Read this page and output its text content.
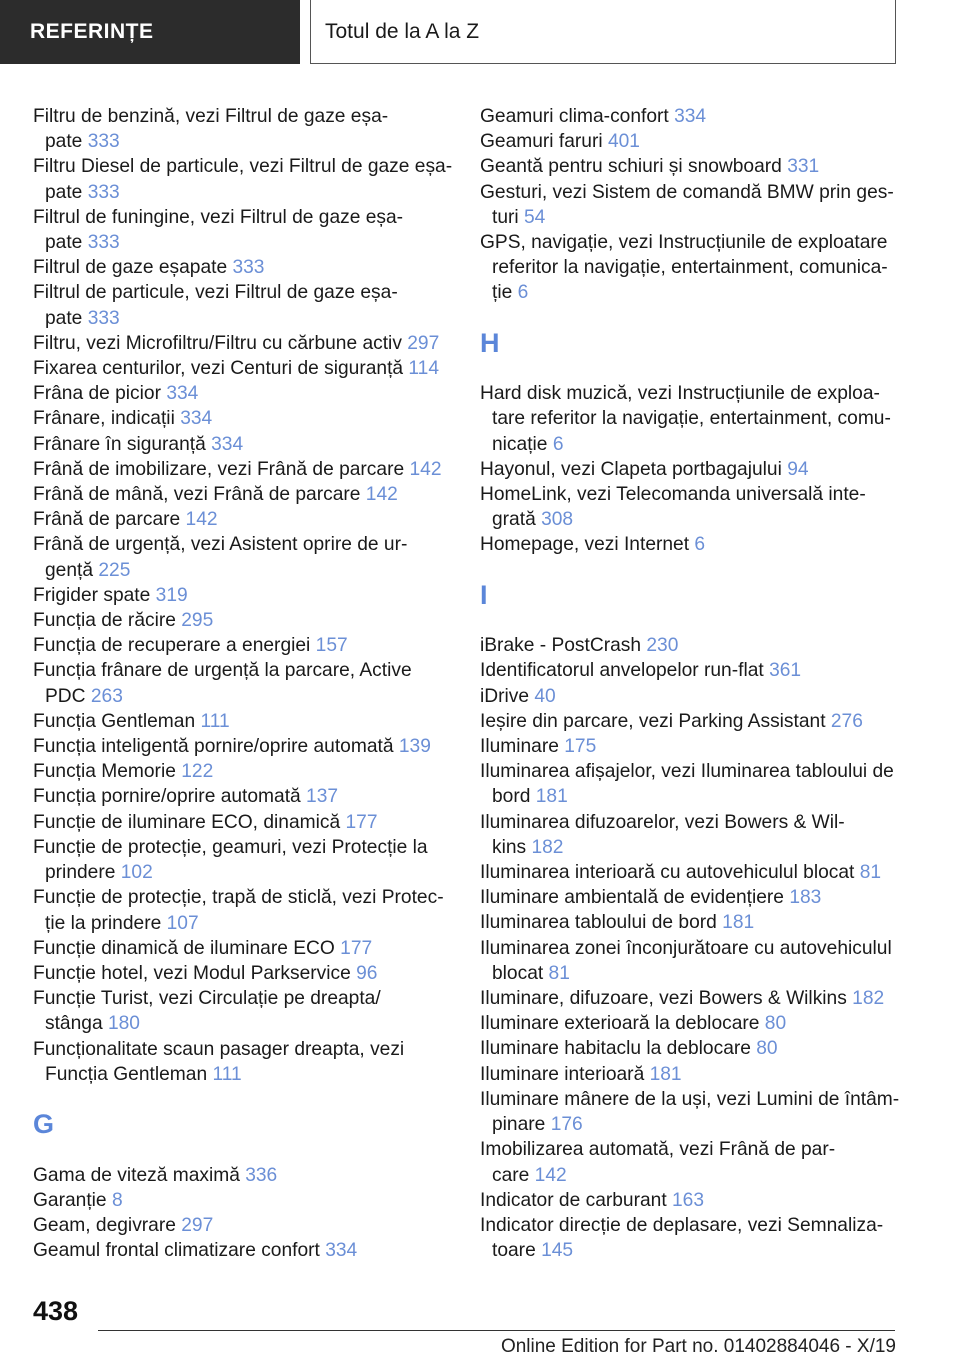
REFERINȚE	Totul de la A la Z
Filtru de benzină, vezi Filtrul de gaze eșa-
pate 333
Filtru Diesel de particule, vezi Filtrul de gaze eșa-
pate 333
Filtrul de funingine, vezi Filtrul de gaze eșa-
pate 333
Filtrul de gaze eșapate 333
Filtrul de particule, vezi Filtrul de gaze eșa-
pate 333
Filtru, vezi Microfiltru/Filtru cu cărbune activ 297
Fixarea centurilor, vezi Centuri de siguranță 114
Frâna de picior 334
Frânare, indicații 334
Frânare în siguranță 334
Frână de imobilizare, vezi Frână de parcare 142
Frână de mână, vezi Frână de parcare 142
Frână de parcare 142
Frână de urgență, vezi Asistent oprire de ur-
gență 225
Frigider spate 319
Funcția de răcire 295
Funcția de recuperare a energiei 157
Funcția frânare de urgență la parcare, Active
PDC 263
Funcția Gentleman 111
Funcția inteligentă pornire/oprire automată 139
Funcția Memorie 122
Funcția pornire/oprire automată 137
Funcție de iluminare ECO, dinamică 177
Funcție de protecție, geamuri, vezi Protecție la
prindere 102
Funcție de protecție, trapă de sticlă, vezi Protec-
ție la prindere 107
Funcție dinamică de iluminare ECO 177
Funcție hotel, vezi Modul Parkservice 96
Funcție Turist, vezi Circulație pe dreapta/
stânga 180
Funcționalitate scaun pasager dreapta, vezi
Funcția Gentleman 111
G
Gama de viteză maximă 336
Garanție 8
Geam, degivrare 297
Geamul frontal climatizare confort 334
Geamuri clima-confort 334
Geamuri faruri 401
Geantă pentru schiuri și snowboard 331
Gesturi, vezi Sistem de comandă BMW prin ges-
turi 54
GPS, navigație, vezi Instrucțiunile de exploatare
referitor la navigație, entertainment, comunica-
ție 6
H
Hard disk muzică, vezi Instrucțiunile de exploa-
tare referitor la navigație, entertainment, comu-
nicație 6
Hayonul, vezi Clapeta portbagajului 94
HomeLink, vezi Telecomanda universală inte-
grată 308
Homepage, vezi Internet 6
I
iBrake - PostCrash 230
Identificatorul anvelopelor run-flat 361
iDrive 40
Ieșire din parcare, vezi Parking Assistant 276
Iluminare 175
Iluminarea afișajelor, vezi Iluminarea tabloului de
bord 181
Iluminarea difuzoarelor, vezi Bowers & Wil-
kins 182
Iluminarea interioară cu autovehiculul blocat 81
Iluminare ambientală de evidențiere 183
Iluminarea tabloului de bord 181
Iluminarea zonei înconjurătoare cu autovehiculul
blocat 81
Iluminare, difuzoare, vezi Bowers & Wilkins 182
Iluminare exterioară la deblocare 80
Iluminare habitaclu la deblocare 80
Iluminare interioară 181
Iluminare mânere de la uși, vezi Lumini de întâm-
pinare 176
Imobilizarea automată, vezi Frână de par-
care 142
Indicator de carburant 163
Indicator direcție de deplasare, vezi Semnaliza-
toare 145
438
Online Edition for Part no. 01402884046 - X/19
